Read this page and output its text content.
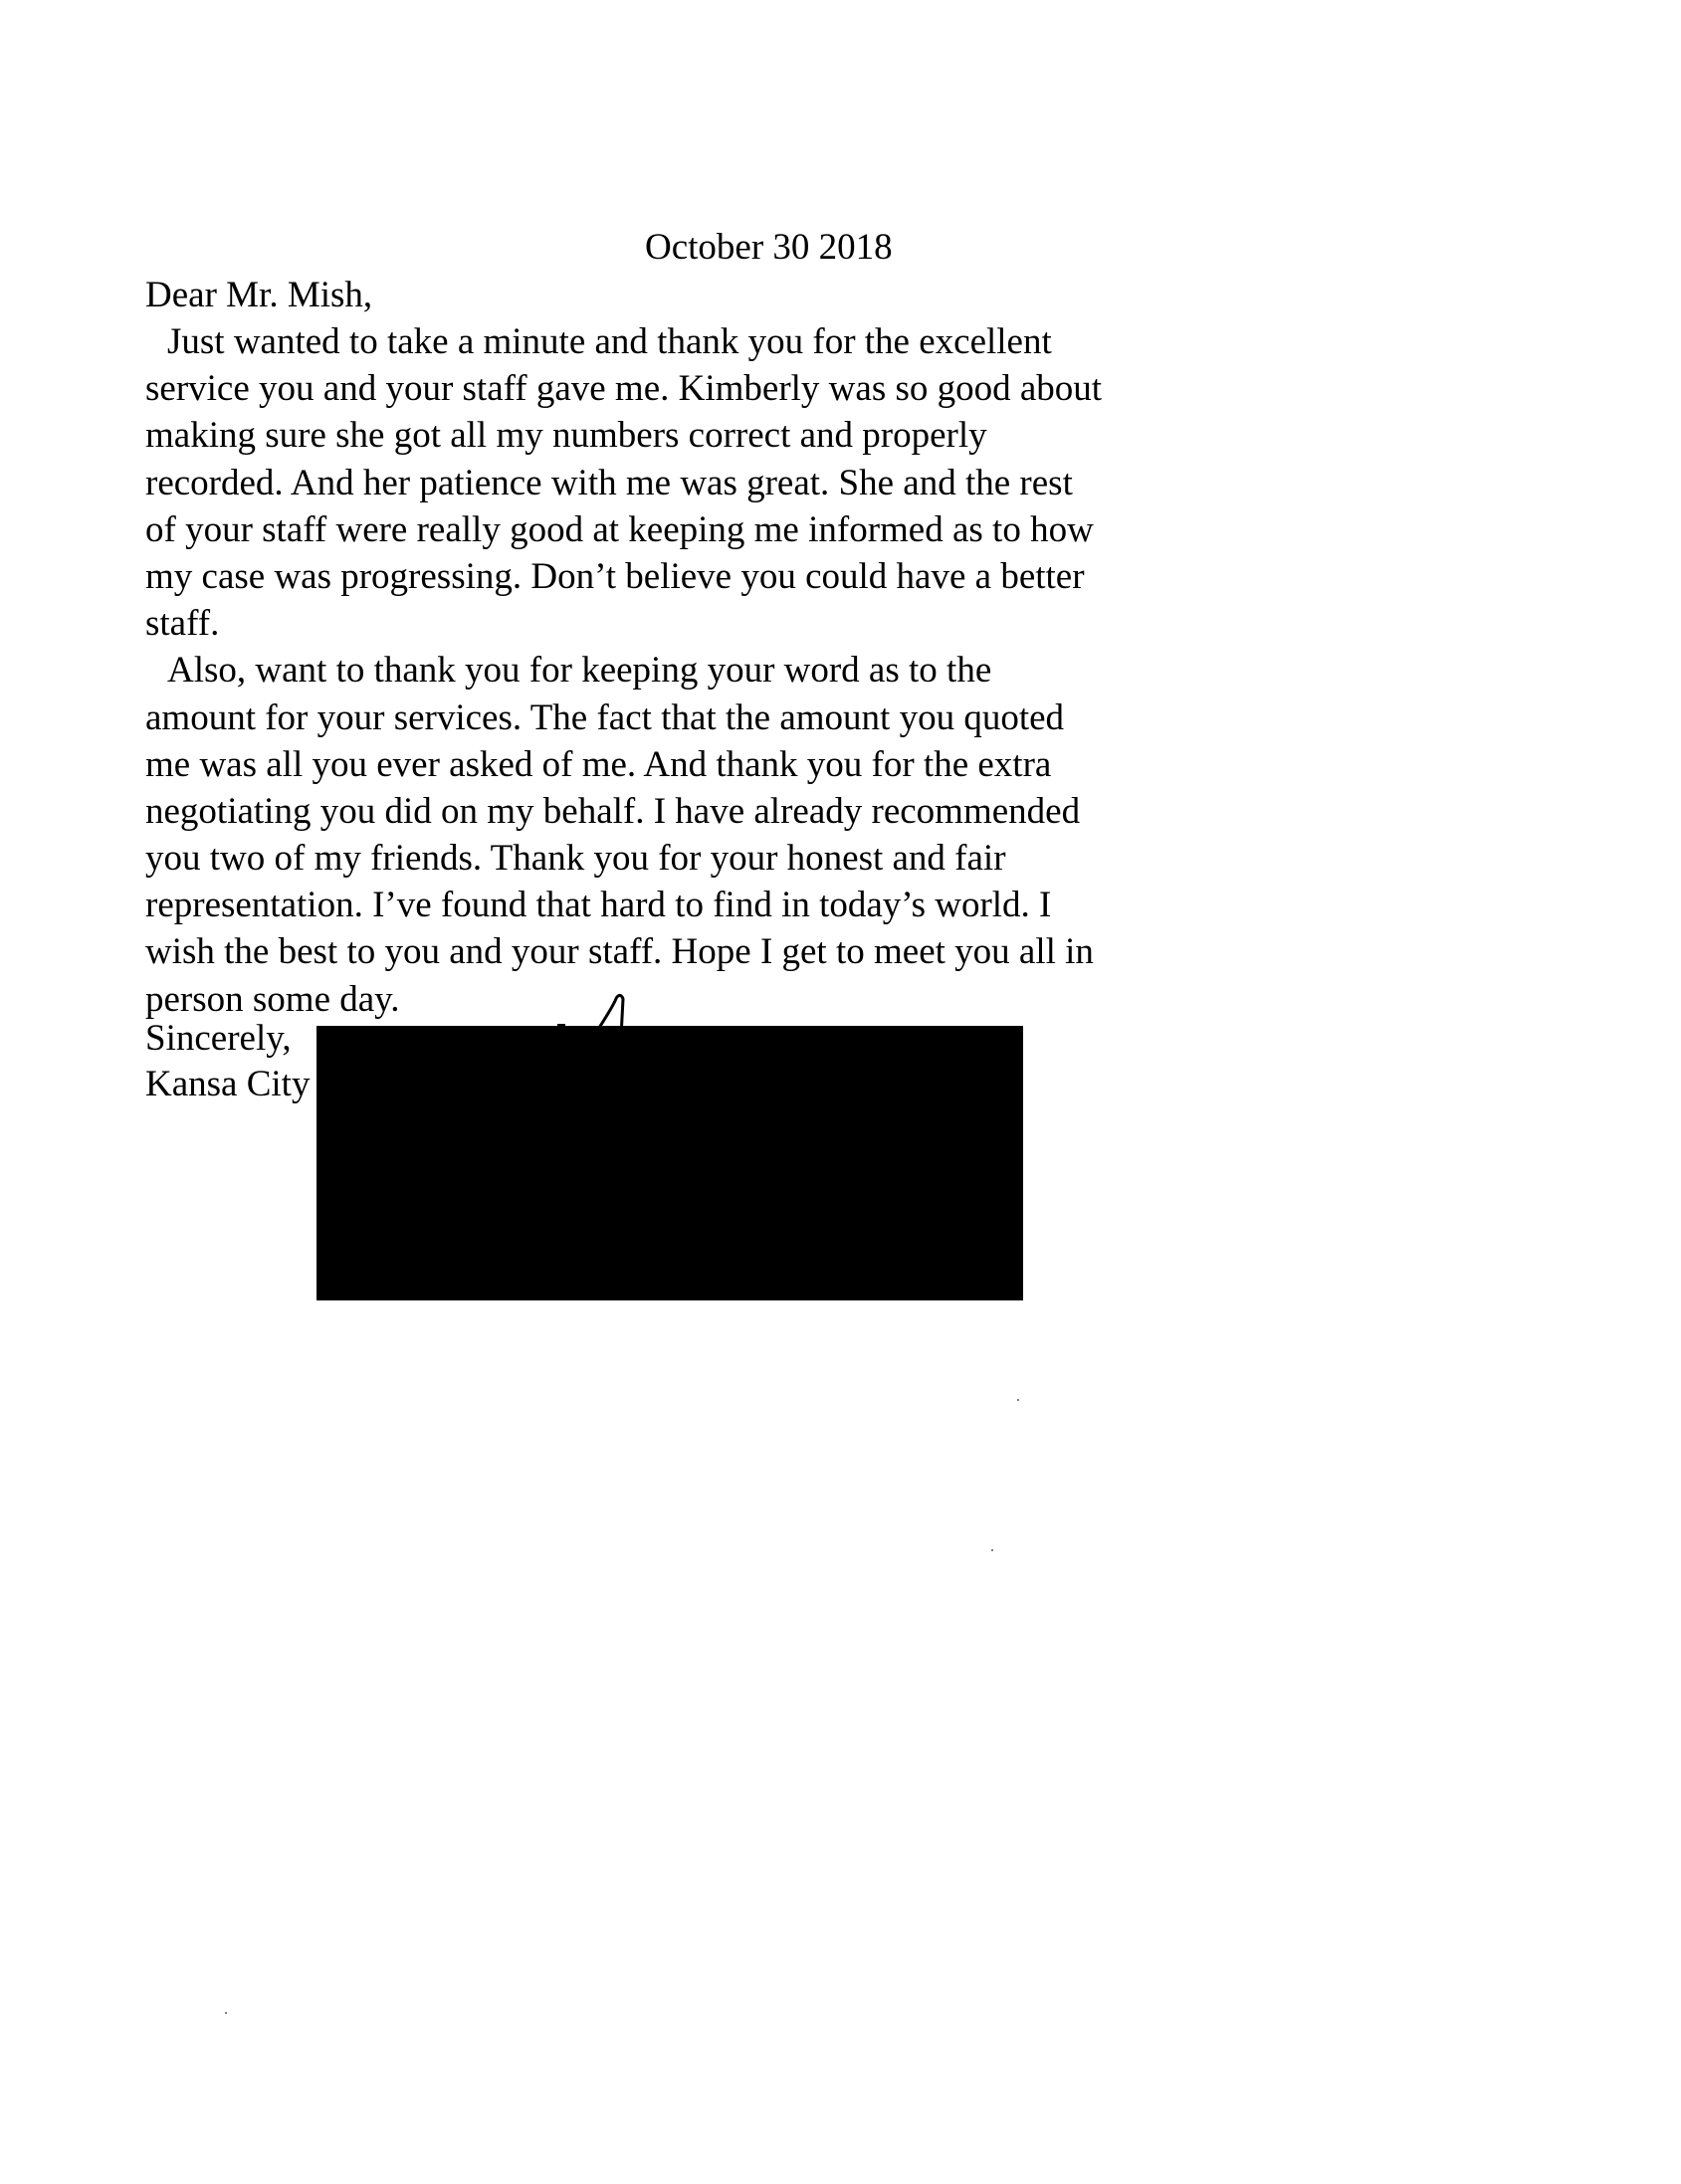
October 30 2018
Dear Mr. Mish,
Just wanted to take a minute and thank you for the excellent
service you and your staff gave me. Kimberly was so good about
making sure she got all my numbers correct and properly
recorded. And her patience with me was great. She and the rest
of your staff were really good at keeping me informed as to how
my case was progressing. Don’t believe you could have a better
staff.
Also, want to thank you for keeping your word as to the
amount for your services. The fact that the amount you quoted
me was all you ever asked of me. And thank you for the extra
negotiating you did on my behalf. I have already recommended
you two of my friends. Thank you for your honest and fair
representation. I’ve found that hard to find in today’s world. I
wish the best to you and your staff. Hope I get to meet you all in
person some day.
Sincerely,
Kansa City
